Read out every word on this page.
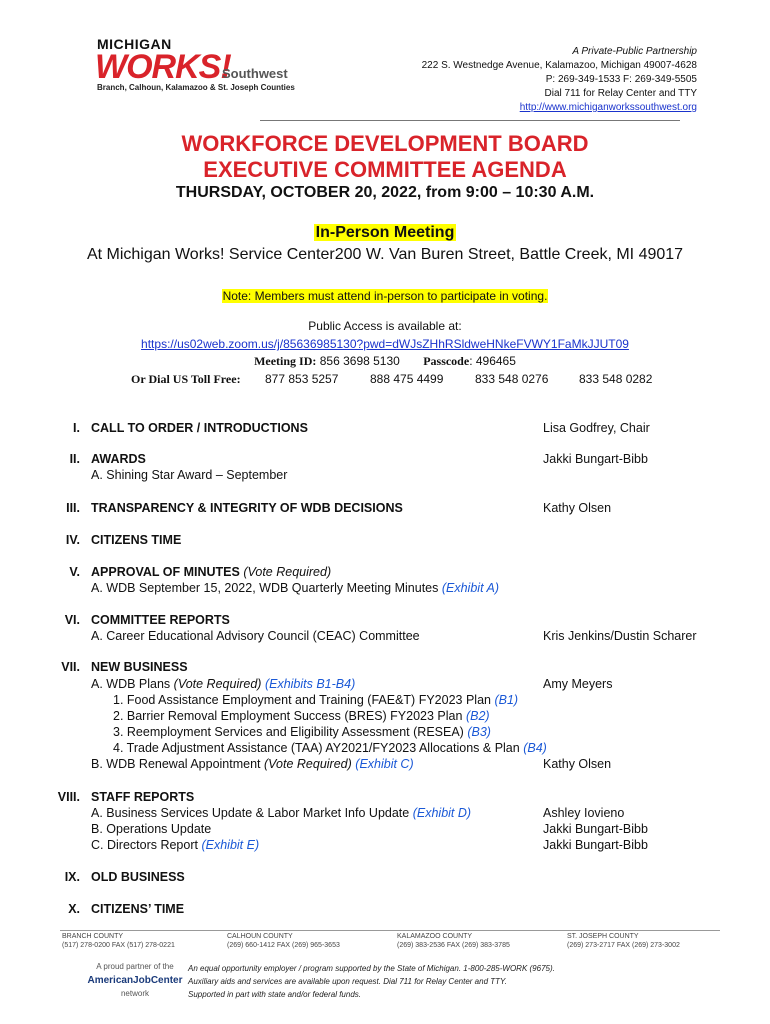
MICHIGAN
WORKS!
Southwest
Branch, Calhoun, Kalamazoo & St. Joseph Counties
A Private-Public Partnership
222 S. Westnedge Avenue, Kalamazoo, Michigan 49007-4628
P: 269-349-1533 F: 269-349-5505
Dial 711 for Relay Center and TTY
http://www.michiganworkssouthwest.org
WORKFORCE DEVELOPMENT BOARD
EXECUTIVE COMMITTEE AGENDA
THURSDAY, OCTOBER 20, 2022, from 9:00 – 10:30 A.M.
In-Person Meeting
At Michigan Works! Service Center200 W. Van Buren Street, Battle Creek, MI 49017
Note: Members must attend in-person to participate in voting.
Public Access is available at:
https://us02web.zoom.us/j/85636985130?pwd=dWJsZHhRSldweHNkeFVWY1FaMkJJUT09
Meeting ID: 856 3698 5130 Passcode: 496465
Or Dial US Toll Free: 877 853 5257	888 475 4499	833 548 0276	833 548 0282
I. CALL TO ORDER / INTRODUCTIONS	Lisa Godfrey, Chair
II. AWARDS	Jakki Bungart-Bibb
A. Shining Star Award – September
III. TRANSPARENCY & INTEGRITY OF WDB DECISIONS	Kathy Olsen
IV. CITIZENS TIME
V. APPROVAL OF MINUTES (Vote Required)
A. WDB September 15, 2022, WDB Quarterly Meeting Minutes (Exhibit A)
VI. COMMITTEE REPORTS
A. Career Educational Advisory Council (CEAC) Committee	Kris Jenkins/Dustin Scharer
VII. NEW BUSINESS
A. WDB Plans (Vote Required) (Exhibits B1-B4)	Amy Meyers
1. Food Assistance Employment and Training (FAE&T) FY2023 Plan (B1)
2. Barrier Removal Employment Success (BRES) FY2023 Plan (B2)
3. Reemployment Services and Eligibility Assessment (RESEA) (B3)
4. Trade Adjustment Assistance (TAA) AY2021/FY2023 Allocations & Plan (B4)
B. WDB Renewal Appointment (Vote Required) (Exhibit C)	Kathy Olsen
VIII. STAFF REPORTS
A. Business Services Update & Labor Market Info Update (Exhibit D)	Ashley Iovieno
B. Operations Update	Jakki Bungart-Bibb
C. Directors Report (Exhibit E)	Jakki Bungart-Bibb
IX. OLD BUSINESS
X. CITIZENS’ TIME
BRANCH COUNTY
(517) 278-0200 FAX (517) 278-0221
CALHOUN COUNTY
(269) 660-1412 FAX (269) 965-3653
KALAMAZOO COUNTY
(269) 383-2536 FAX (269) 383-3785
ST. JOSEPH COUNTY
(269) 273-2717 FAX (269) 273-3002
A proud partner of the
AmericanJobCenter
network
An equal opportunity employer / program supported by the State of Michigan. 1-800-285-WORK (9675).
Auxiliary aids and services are available upon request. Dial 711 for Relay Center and TTY.
Supported in part with state and/or federal funds.
